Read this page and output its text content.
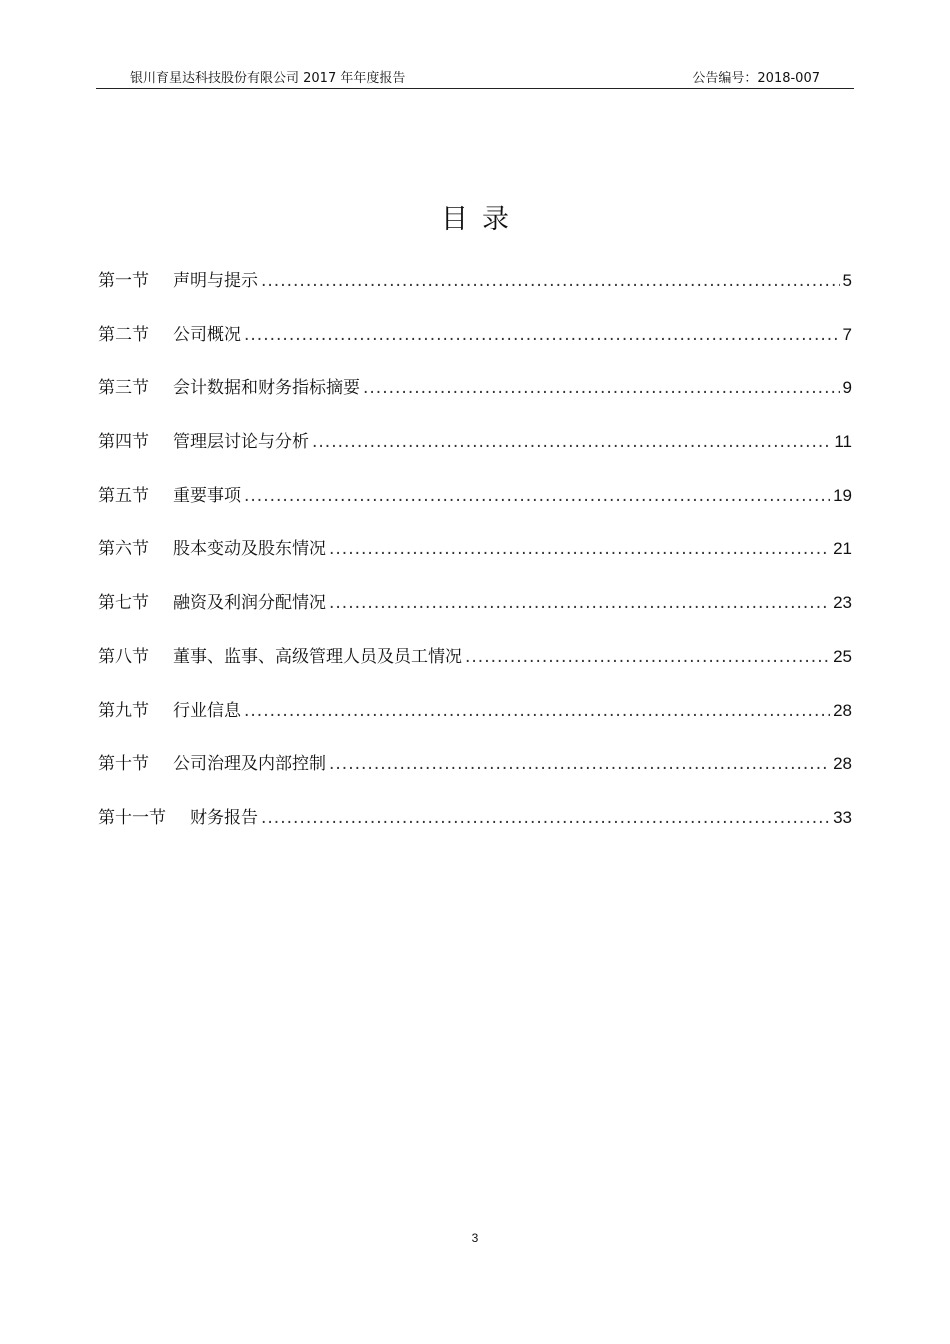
银川育星达科技股份有限公司 2017 年年度报告	公告编号：2018-007
目录
第一节 声明与提示 .....	5
第二节 公司概况 .....	7
第三节 会计数据和财务指标摘要 .....	9
第四节 管理层讨论与分析 .....	11
第五节 重要事项 .....	19
第六节 股本变动及股东情况 .....	21
第七节 融资及利润分配情况 .....	23
第八节 董事、监事、高级管理人员及员工情况 .....	25
第九节 行业信息 .....	28
第十节 公司治理及内部控制 .....	28
第十一节 财务报告 .....	33
3
